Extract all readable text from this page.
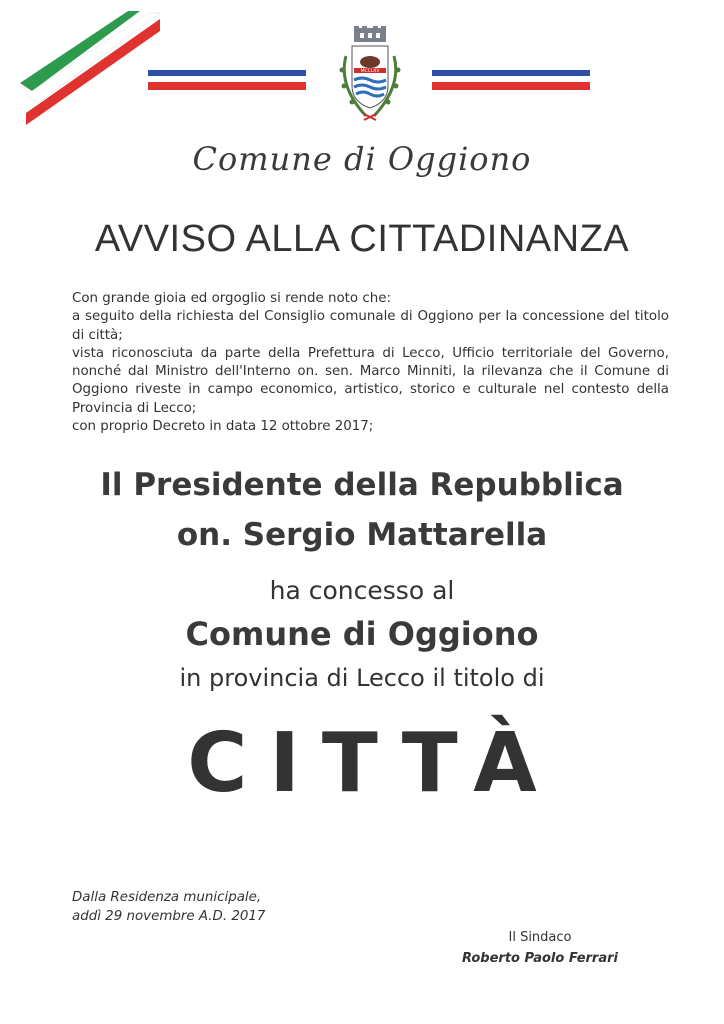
MCCLXV
Comune di Oggiono
AVVISO ALLA CITTADINANZA

Con grande gioia ed orgoglio si rende noto che:

a seguito della richiesta del Consiglio comunale di Oggiono per la concessione del titolo di città;

vista riconosciuta da parte della Prefettura di Lecco, Ufficio territoriale del Governo, nonché dal Ministro dell'Interno on. sen. Marco Minniti, la rilevanza che il Comune di Oggiono riveste in campo economico, artistico, storico e culturale nel contesto della Provincia di Lecco;

con proprio Decreto in data 12 ottobre 2017;

Il Presidente della Repubblica
on. Sergio Mattarella
ha concesso al
Comune di Oggiono
in provincia di Lecco il titolo di
CITTÀ
Dalla Residenza municipale,
addì 29 novembre A.D. 2017
Il Sindaco
Roberto Paolo Ferrari
